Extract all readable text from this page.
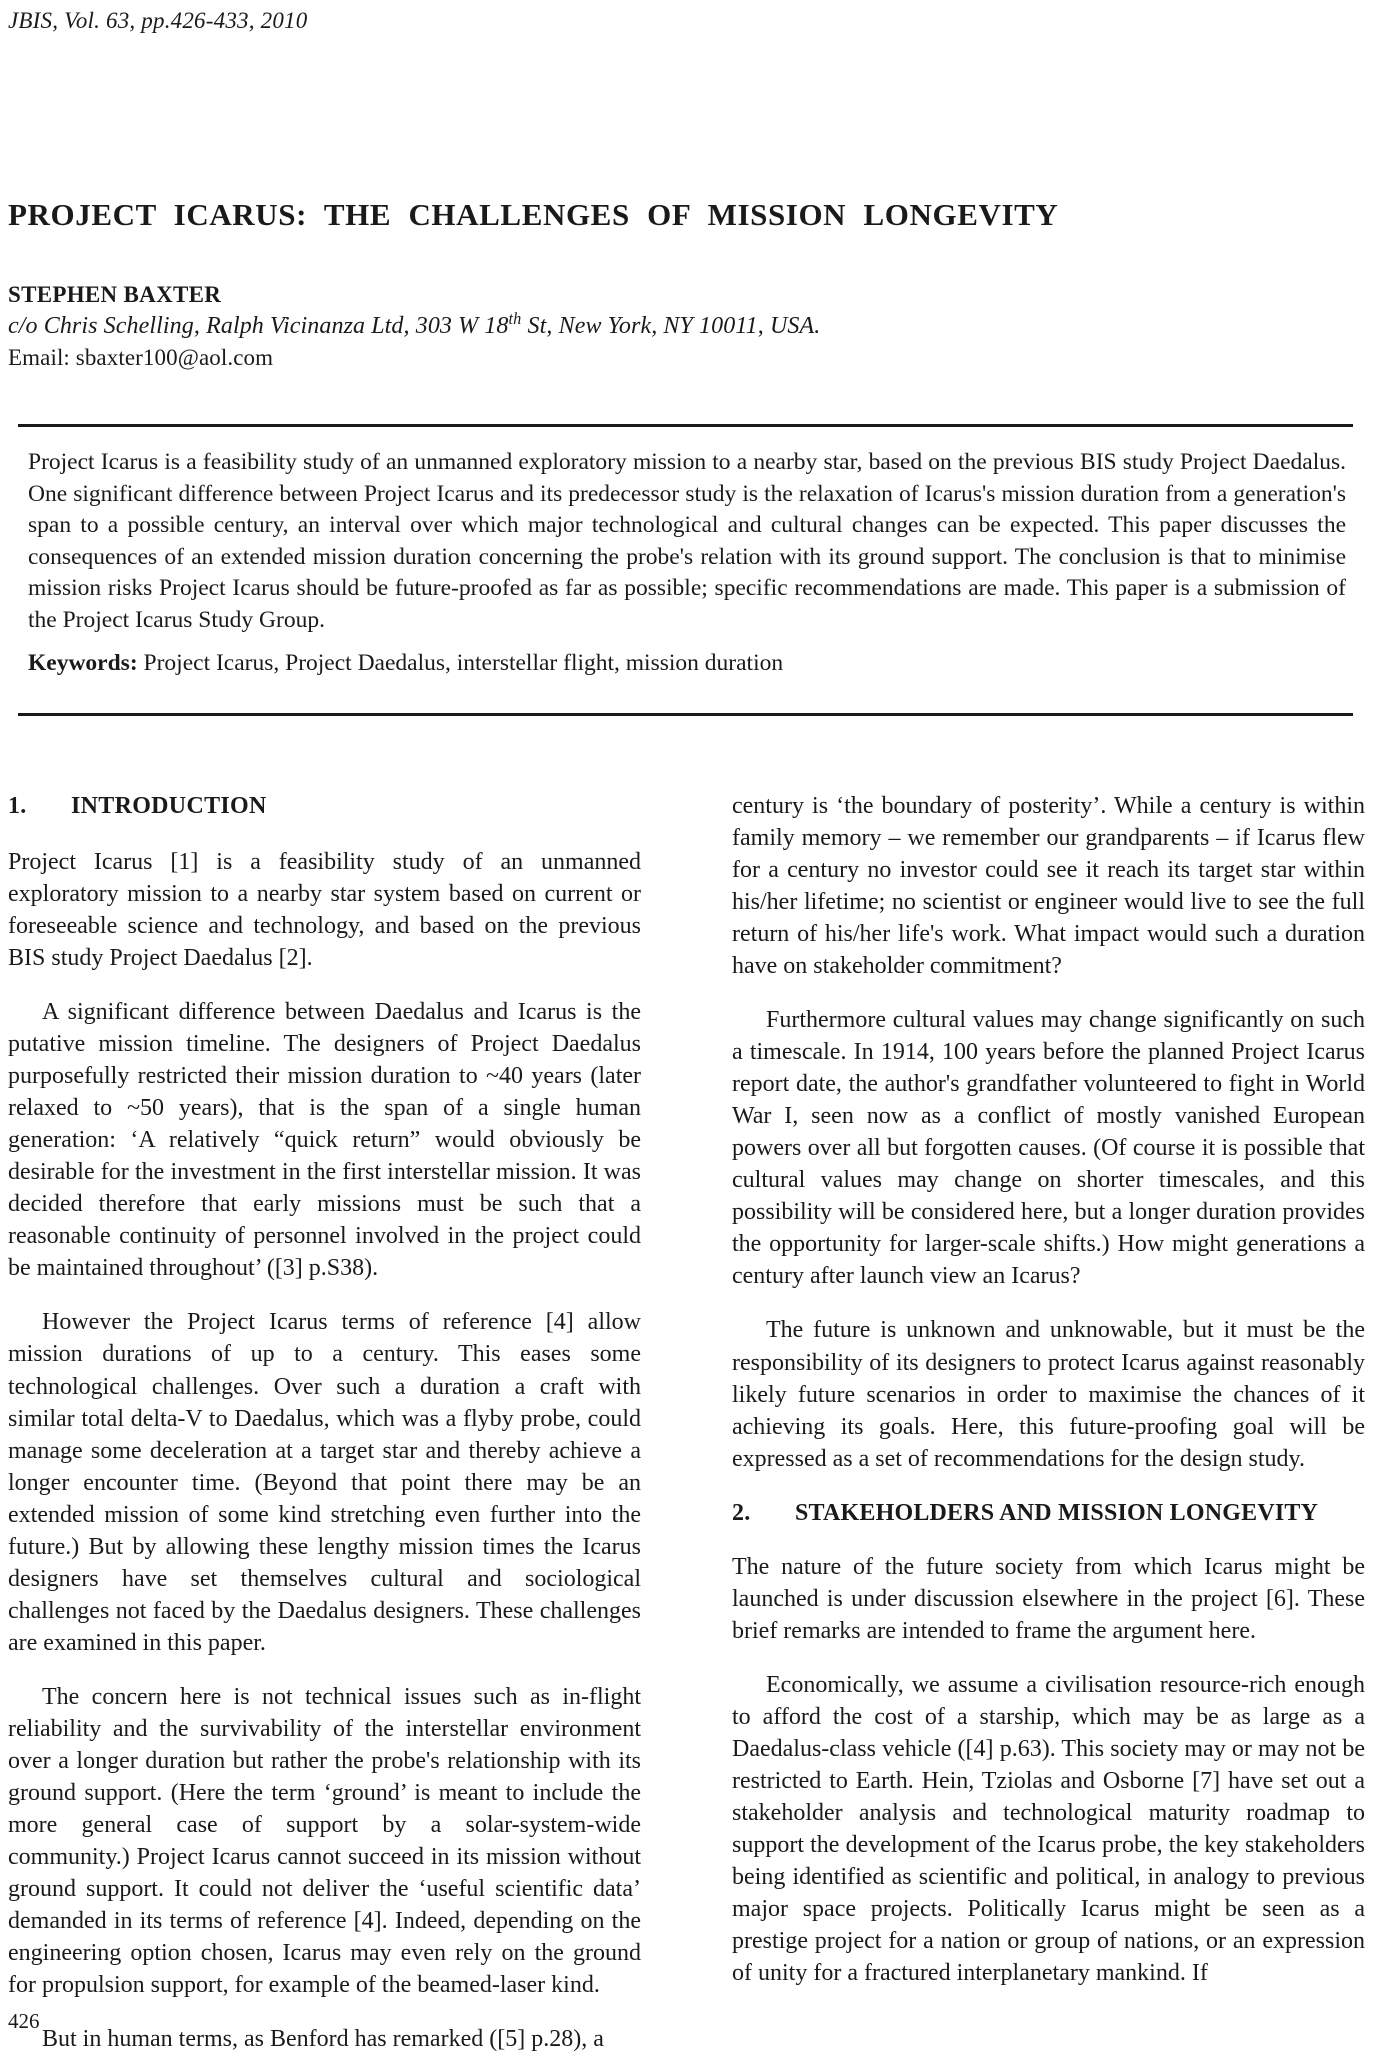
JBIS, Vol. 63, pp.426-433, 2010
PROJECT ICARUS: THE CHALLENGES OF MISSION LONGEVITY
STEPHEN BAXTER
c/o Chris Schelling, Ralph Vicinanza Ltd, 303 W 18th St, New York, NY 10011, USA.
Email: sbaxter100@aol.com
Project Icarus is a feasibility study of an unmanned exploratory mission to a nearby star, based on the previous BIS study Project Daedalus. One significant difference between Project Icarus and its predecessor study is the relaxation of Icarus's mission duration from a generation's span to a possible century, an interval over which major technological and cultural changes can be expected. This paper discusses the consequences of an extended mission duration concerning the probe's relation with its ground support. The conclusion is that to minimise mission risks Project Icarus should be future-proofed as far as possible; specific recommendations are made. This paper is a submission of the Project Icarus Study Group.
Keywords: Project Icarus, Project Daedalus, interstellar flight, mission duration
1.	INTRODUCTION

Project Icarus [1] is a feasibility study of an unmanned exploratory mission to a nearby star system based on current or foreseeable science and technology, and based on the previous BIS study Project Daedalus [2].

A significant difference between Daedalus and Icarus is the putative mission timeline. The designers of Project Daedalus purposefully restricted their mission duration to ~40 years (later relaxed to ~50 years), that is the span of a single human generation: ‘A relatively “quick return” would obviously be desirable for the investment in the first interstellar mission. It was decided therefore that early missions must be such that a reasonable continuity of personnel involved in the project could be maintained throughout’ ([3] p.S38).

However the Project Icarus terms of reference [4] allow mission durations of up to a century. This eases some technological challenges. Over such a duration a craft with similar total delta-V to Daedalus, which was a flyby probe, could manage some deceleration at a target star and thereby achieve a longer encounter time. (Beyond that point there may be an extended mission of some kind stretching even further into the future.) But by allowing these lengthy mission times the Icarus designers have set themselves cultural and sociological challenges not faced by the Daedalus designers. These challenges are examined in this paper.

The concern here is not technical issues such as in-flight reliability and the survivability of the interstellar environment over a longer duration but rather the probe's relationship with its ground support. (Here the term ‘ground’ is meant to include the more general case of support by a solar-system-wide community.) Project Icarus cannot succeed in its mission without ground support. It could not deliver the ‘useful scientific data’ demanded in its terms of reference [4]. Indeed, depending on the engineering option chosen, Icarus may even rely on the ground for propulsion support, for example of the beamed-laser kind.

But in human terms, as Benford has remarked ([5] p.28), a

century is ‘the boundary of posterity’. While a century is within family memory – we remember our grandparents – if Icarus flew for a century no investor could see it reach its target star within his/her lifetime; no scientist or engineer would live to see the full return of his/her life's work. What impact would such a duration have on stakeholder commitment?

Furthermore cultural values may change significantly on such a timescale. In 1914, 100 years before the planned Project Icarus report date, the author's grandfather volunteered to fight in World War I, seen now as a conflict of mostly vanished European powers over all but forgotten causes. (Of course it is possible that cultural values may change on shorter timescales, and this possibility will be considered here, but a longer duration provides the opportunity for larger-scale shifts.) How might generations a century after launch view an Icarus?

The future is unknown and unknowable, but it must be the responsibility of its designers to protect Icarus against reasonably likely future scenarios in order to maximise the chances of it achieving its goals. Here, this future-proofing goal will be expressed as a set of recommendations for the design study.

2.	STAKEHOLDERS AND MISSION LONGEVITY

The nature of the future society from which Icarus might be launched is under discussion elsewhere in the project [6]. These brief remarks are intended to frame the argument here.

Economically, we assume a civilisation resource-rich enough to afford the cost of a starship, which may be as large as a Daedalus-class vehicle ([4] p.63). This society may or may not be restricted to Earth. Hein, Tziolas and Osborne [7] have set out a stakeholder analysis and technological maturity roadmap to support the development of the Icarus probe, the key stakeholders being identified as scientific and political, in analogy to previous major space projects. Politically Icarus might be seen as a prestige project for a nation or group of nations, or an expression of unity for a fractured interplanetary mankind. If

426
